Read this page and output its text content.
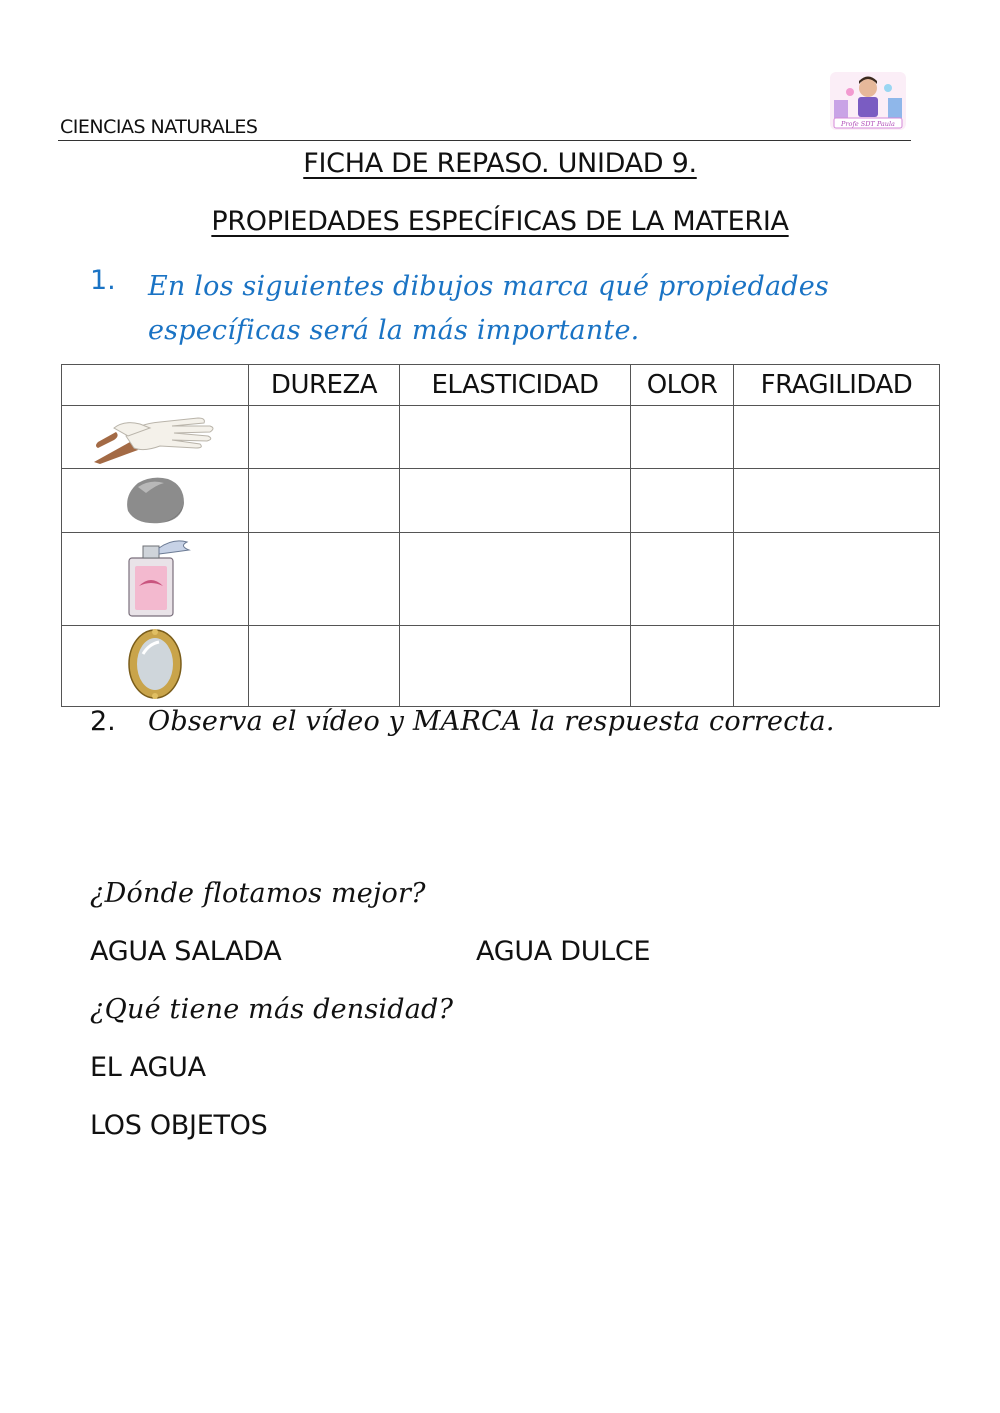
CIENCIAS NATURALES	Profe SDT Paula
FICHA DE REPASO. UNIDAD 9.
PROPIEDADES ESPECÍFICAS DE LA MATERIA
1. En los siguientes dibujos marca qué propiedades específicas será la más importante.
	DUREZA	ELASTICIDAD	OLOR	FRAGILIDAD

2. Observa el vídeo y MARCA la respuesta correcta.
¿Dónde flotamos mejor?
AGUA SALADA	AGUA DULCE
¿Qué tiene más densidad?
EL AGUA
LOS OBJETOS
